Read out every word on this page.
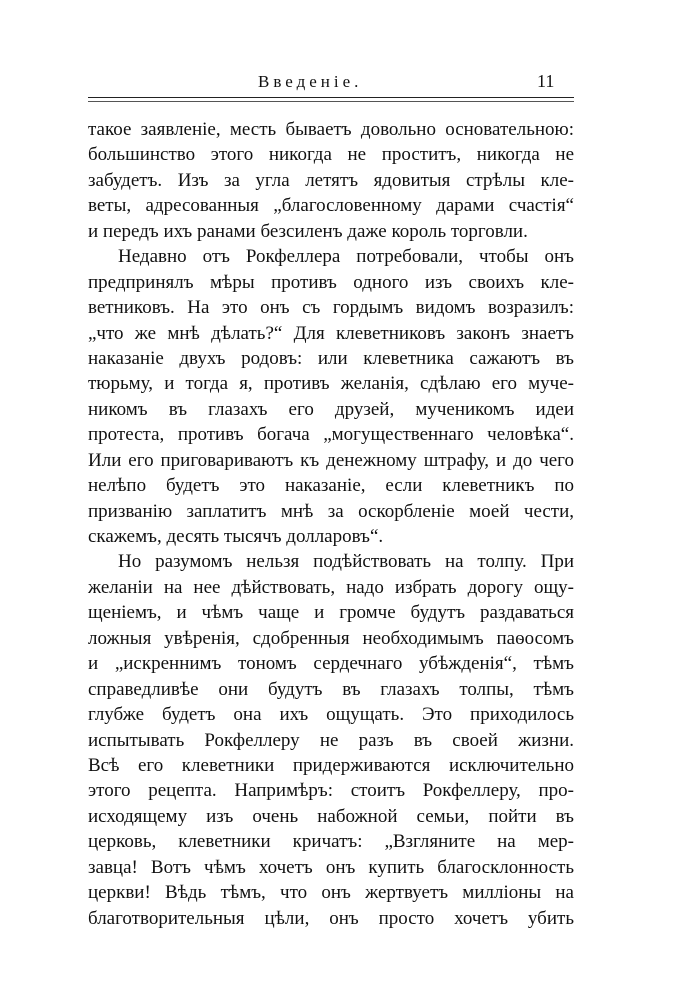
Введеніе.	11
такое заявленіе, месть бываетъ довольно основательною:
большинство этого никогда не проститъ, никогда не
забудетъ. Изъ за угла летятъ ядовитыя стрѣлы кле-
веты, адресованныя „благословенному дарами счастія“
и передъ ихъ ранами безсиленъ даже король торговли.
Недавно отъ Рокфеллера потребовали, чтобы онъ
предпринялъ мѣры противъ одного изъ своихъ кле-
ветниковъ. На это онъ съ гордымъ видомъ возразилъ:
„что же мнѣ дѣлать?“ Для клеветниковъ законъ знаетъ
наказаніе двухъ родовъ: или клеветника сажаютъ въ
тюрьму, и тогда я, противъ желанія, сдѣлаю его муче-
никомъ въ глазахъ его друзей, мученикомъ идеи
протеста, противъ богача „могущественнаго человѣка“.
Или его приговариваютъ къ денежному штрафу, и до чего
нелѣпо будетъ это наказаніе, если клеветникъ по
призванію заплатитъ мнѣ за оскорбленіе моей чести,
скажемъ, десять тысячъ долларовъ“.
Но разумомъ нельзя подѣйствовать на толпу. При
желаніи на нее дѣйствовать, надо избрать дорогу ощу-
щеніемъ, и чѣмъ чаще и громче будутъ раздаваться
ложныя увѣренія, сдобренныя необходимымъ паѳосомъ
и „искреннимъ тономъ сердечнаго убѣжденія“, тѣмъ
справедливѣе они будутъ въ глазахъ толпы, тѣмъ
глубже будетъ она ихъ ощущать. Это приходилось
испытывать Рокфеллеру не разъ въ своей жизни.
Всѣ его клеветники придерживаются исключительно
этого рецепта. Напримѣръ: стоитъ Рокфеллеру, про-
исходящему изъ очень набожной семьи, пойти въ
церковь, клеветники кричатъ: „Взгляните на мер-
завца! Вотъ чѣмъ хочетъ онъ купить благосклонность
церкви! Вѣдь тѣмъ, что онъ жертвуетъ милліоны на
благотворительныя цѣли, онъ просто хочетъ убить
